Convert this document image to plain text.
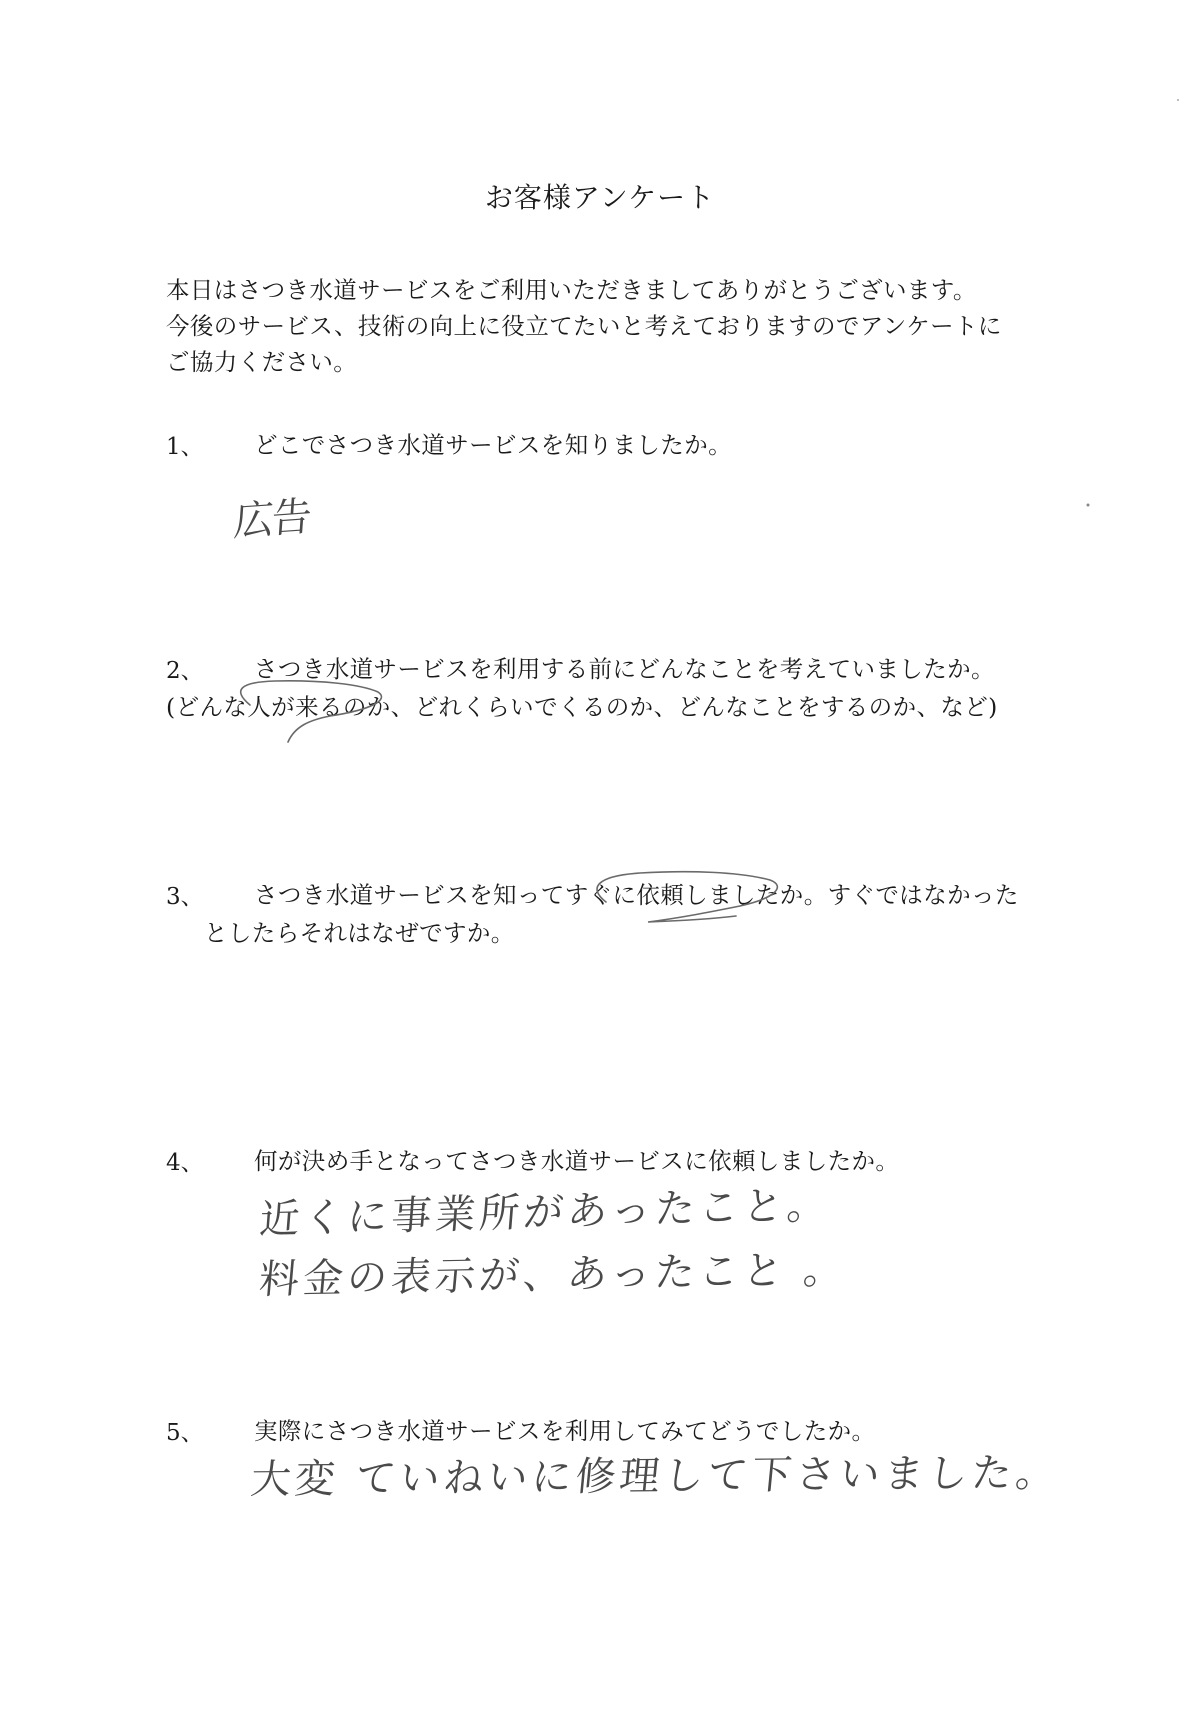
お客様アンケート
本日はさつき水道サービスをご利用いただきましてありがとうございます。
今後のサービス、技術の向上に役立てたいと考えておりますのでアンケートに
ご協力ください。
1、 どこでさつき水道サービスを知りましたか。
広告
2、 さつき水道サービスを利用する前にどんなことを考えていましたか。
(どんな人が来るのか、どれくらいでくるのか、どんなことをするのか、など)
3、 さつき水道サービスを知ってすぐに依頼しましたか。すぐではなかった
としたらそれはなぜですか。
4、 何が決め手となってさつき水道サービスに依頼しましたか。
近くに事業所があったこと。
料金の表示が、あったこと 。
5、 実際にさつき水道サービスを利用してみてどうでしたか。
大変 ていねいに修理して下さいました。
